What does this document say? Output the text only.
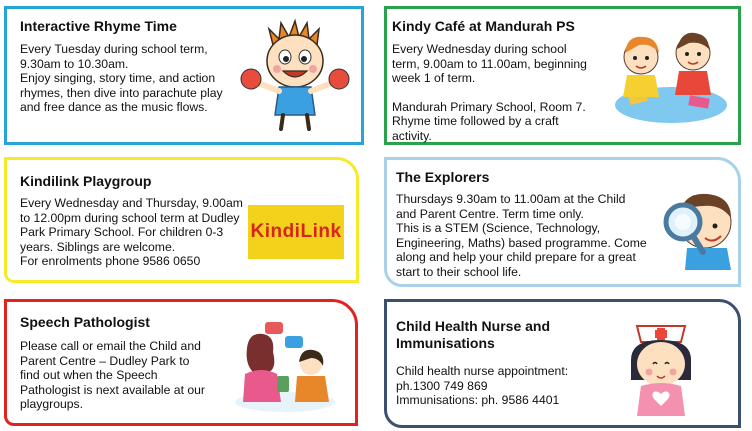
Interactive Rhyme Time

Every Tuesday during school term,

9.30am to 10.30am.

Enjoy singing, story time, and action

rhymes, then dive into parachute play

and free dance as the music flows.

Kindy Café at Mandurah PS

Every Wednesday during school

term, 9.00am to 11.00am, beginning

week 1 of term.

Mandurah Primary School, Room 7.

Rhyme time followed by a craft

activity.

Kindilink Playgroup

Every Wednesday and Thursday, 9.00am

to 12.00pm during school term at Dudley

Park Primary School. For children 0-3

years. Siblings are welcome.

For enrolments phone 9586 0650

KindiLink
The Explorers

Thursdays 9.30am to 11.00am at the Child

and Parent Centre. Term time only.

This is a STEM (Science, Technology,

Engineering, Maths) based programme. Come

along and help your child prepare for a great

start to their school life.

Speech Pathologist

Please call or email the Child and

Parent Centre – Dudley Park to

find out when the Speech

Pathologist is next available at our

playgroups.

Child Health Nurse and
Immunisations

Child health nurse appointment:

ph.1300 749 869

Immunisations: ph. 9586 4401
